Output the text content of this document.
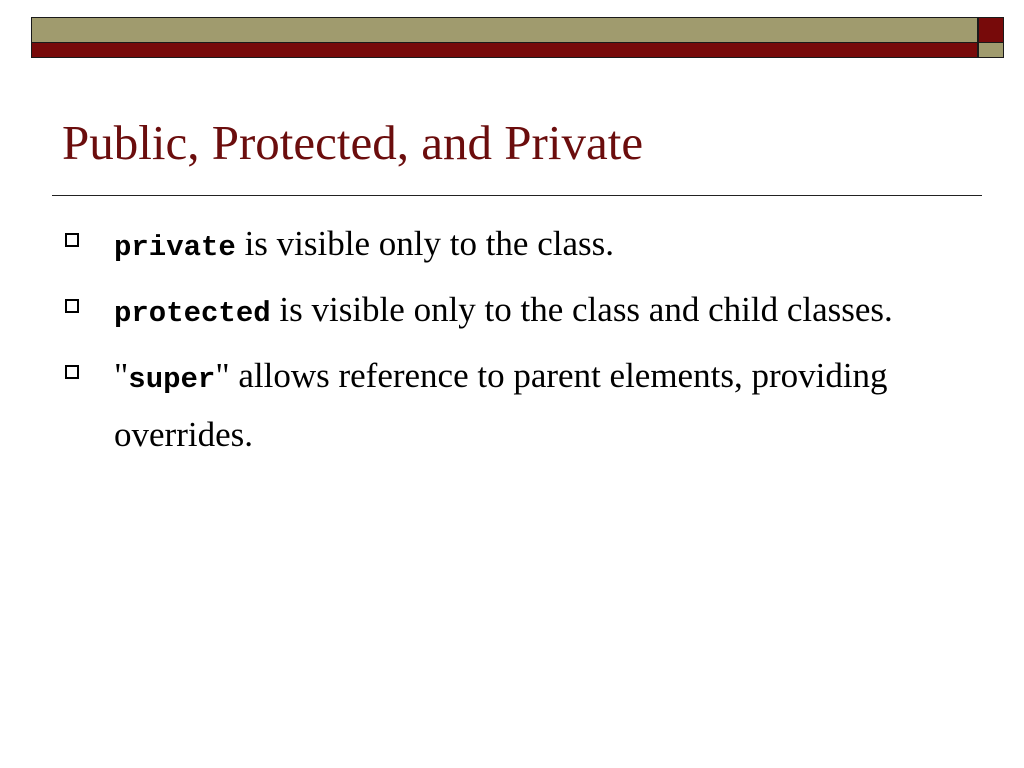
Public, Protected, and Private
private is visible only to the class.
protected is visible only to the class and child classes.
"super" allows reference to parent elements, providing overrides.
